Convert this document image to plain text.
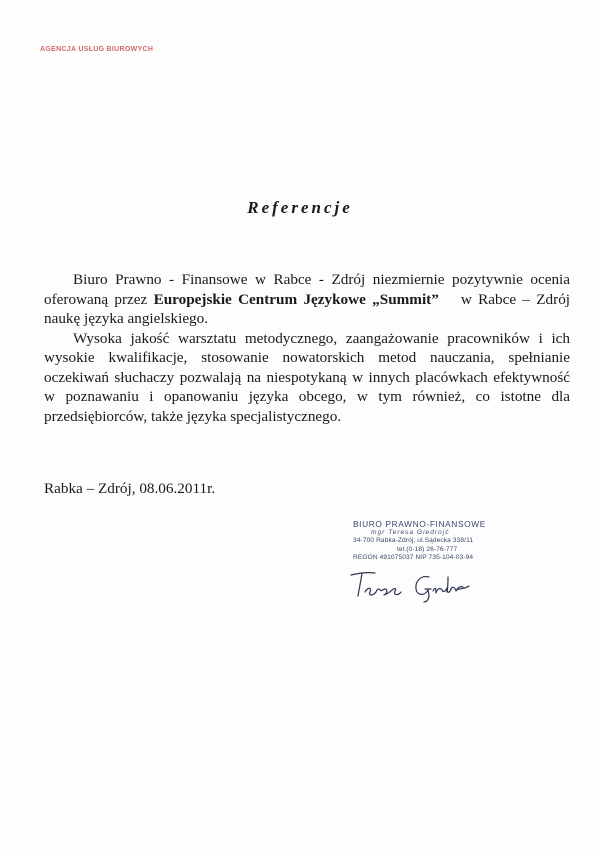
AGENCJA USŁUG BIUROWYCH
Referencje

Biuro Prawno - Finansowe w Rabce - Zdrój niezmiernie pozytywnie ocenia oferowaną przez Europejskie Centrum Językowe „Summit” w Rabce – Zdrój naukę języka angielskiego.

Wysoka jakość warsztatu metodycznego, zaangażowanie pracowników i ich wysokie kwalifikacje, stosowanie nowatorskich metod nauczania, spełnianie oczekiwań słuchaczy pozwalają na niespotykaną w innych placówkach efektywność w poznawaniu i opanowaniu języka obcego, w tym również, co istotne dla przedsiębiorców, także języka specjalistycznego.

Rabka – Zdrój, 08.06.2011r.
BIURO PRAWNO-FINANSOWE
mgr Teresa Giedrojć
34-700 Rabka-Zdrój, ul.Sądecka 338/11
tel.(0-18) 26-76-777
REGON 491075037 NIP 735-104-03-94
